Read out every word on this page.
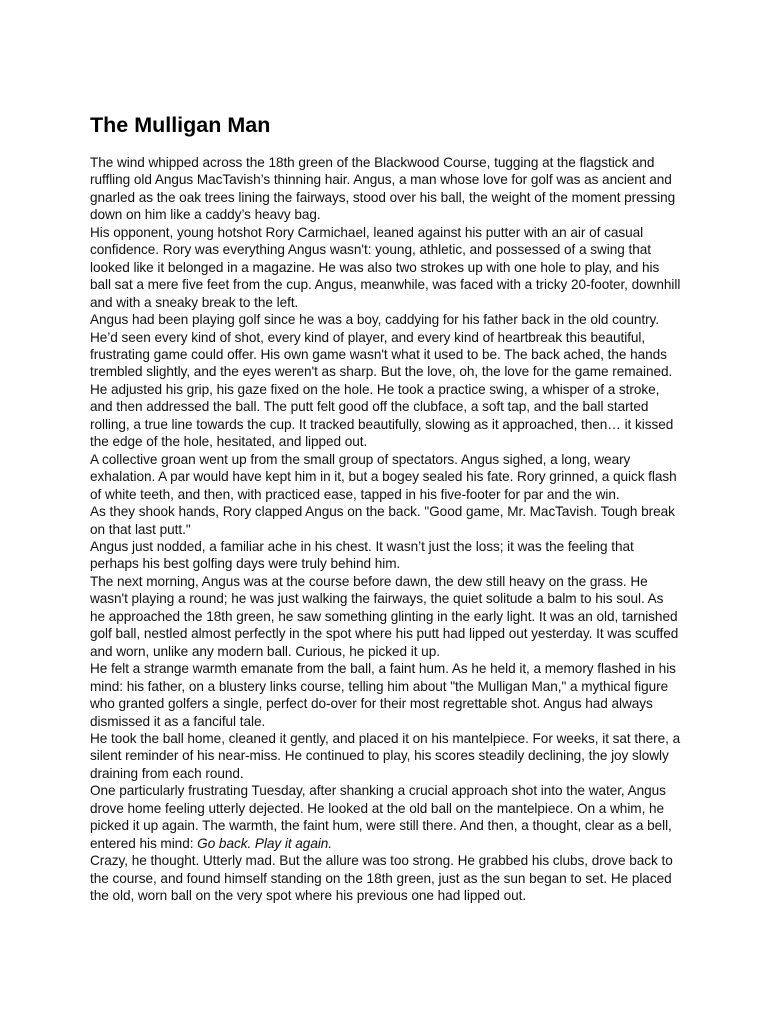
The Mulligan Man

The wind whipped across the 18th green of the Blackwood Course, tugging at the flagstick and ruffling old Angus MacTavish’s thinning hair. Angus, a man whose love for golf was as ancient and gnarled as the oak trees lining the fairways, stood over his ball, the weight of the moment pressing down on him like a caddy’s heavy bag.

His opponent, young hotshot Rory Carmichael, leaned against his putter with an air of casual confidence. Rory was everything Angus wasn't: young, athletic, and possessed of a swing that looked like it belonged in a magazine. He was also two strokes up with one hole to play, and his ball sat a mere five feet from the cup. Angus, meanwhile, was faced with a tricky 20-footer, downhill and with a sneaky break to the left.

Angus had been playing golf since he was a boy, caddying for his father back in the old country. He’d seen every kind of shot, every kind of player, and every kind of heartbreak this beautiful, frustrating game could offer. His own game wasn't what it used to be. The back ached, the hands trembled slightly, and the eyes weren't as sharp. But the love, oh, the love for the game remained.

He adjusted his grip, his gaze fixed on the hole. He took a practice swing, a whisper of a stroke, and then addressed the ball. The putt felt good off the clubface, a soft tap, and the ball started rolling, a true line towards the cup. It tracked beautifully, slowing as it approached, then… it kissed the edge of the hole, hesitated, and lipped out.

A collective groan went up from the small group of spectators. Angus sighed, a long, weary exhalation. A par would have kept him in it, but a bogey sealed his fate. Rory grinned, a quick flash of white teeth, and then, with practiced ease, tapped in his five-footer for par and the win.

As they shook hands, Rory clapped Angus on the back. "Good game, Mr. MacTavish. Tough break on that last putt."

Angus just nodded, a familiar ache in his chest. It wasn’t just the loss; it was the feeling that perhaps his best golfing days were truly behind him.

The next morning, Angus was at the course before dawn, the dew still heavy on the grass. He wasn't playing a round; he was just walking the fairways, the quiet solitude a balm to his soul. As he approached the 18th green, he saw something glinting in the early light. It was an old, tarnished golf ball, nestled almost perfectly in the spot where his putt had lipped out yesterday. It was scuffed and worn, unlike any modern ball. Curious, he picked it up.

He felt a strange warmth emanate from the ball, a faint hum. As he held it, a memory flashed in his mind: his father, on a blustery links course, telling him about "the Mulligan Man," a mythical figure who granted golfers a single, perfect do-over for their most regrettable shot. Angus had always dismissed it as a fanciful tale.

He took the ball home, cleaned it gently, and placed it on his mantelpiece. For weeks, it sat there, a silent reminder of his near-miss. He continued to play, his scores steadily declining, the joy slowly draining from each round.

One particularly frustrating Tuesday, after shanking a crucial approach shot into the water, Angus drove home feeling utterly dejected. He looked at the old ball on the mantelpiece. On a whim, he picked it up again. The warmth, the faint hum, were still there. And then, a thought, clear as a bell, entered his mind: Go back. Play it again.

Crazy, he thought. Utterly mad. But the allure was too strong. He grabbed his clubs, drove back to the course, and found himself standing on the 18th green, just as the sun began to set. He placed the old, worn ball on the very spot where his previous one had lipped out.
